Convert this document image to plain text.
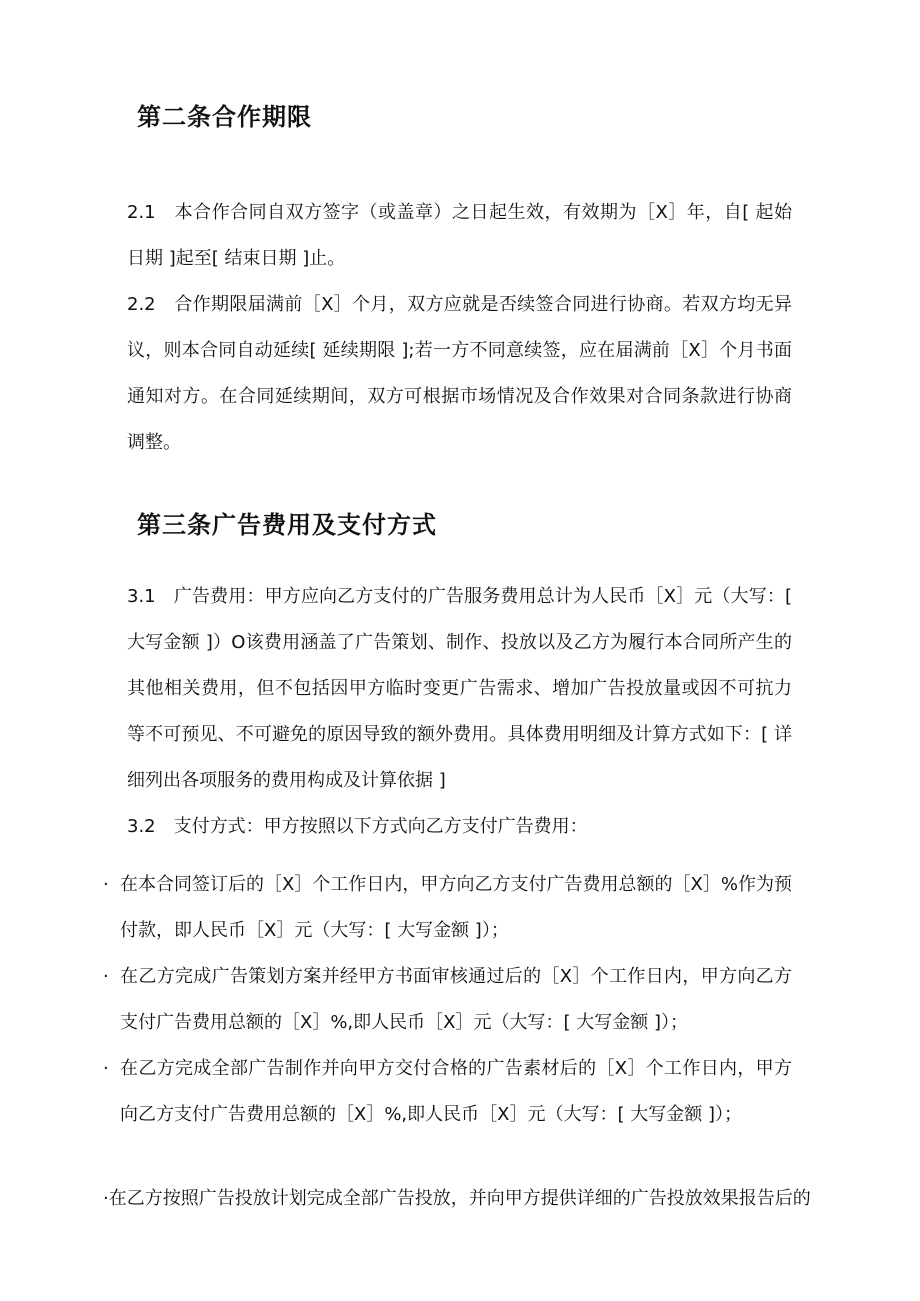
第二条合作期限

2.1　本合作合同自双方签字（或盖章）之日起生效，有效期为［X］年，自[ 起始日期 ]起至[ 结束日期 ]止。

2.2　合作期限届满前［X］个月，双方应就是否续签合同进行协商。若双方均无异议，则本合同自动延续[ 延续期限 ];若一方不同意续签，应在届满前［X］个月书面通知对方。在合同延续期间，双方可根据市场情况及合作效果对合同条款进行协商调整。

第三条广告费用及支付方式

3.1　广告费用：甲方应向乙方支付的广告服务费用总计为人民币［X］元（大写：[ 大写金额 ]）O该费用涵盖了广告策划、制作、投放以及乙方为履行本合同所产生的其他相关费用，但不包括因甲方临时变更广告需求、增加广告投放量或因不可抗力等不可预见、不可避免的原因导致的额外费用。具体费用明细及计算方式如下：[ 详细列出各项服务的费用构成及计算依据 ]

3.2　支付方式：甲方按照以下方式向乙方支付广告费用：

· 在本合同签订后的［X］个工作日内，甲方向乙方支付广告费用总额的［X］%作为预付款，即人民币［X］元（大写：[ 大写金额 ]）；
· 在乙方完成广告策划方案并经甲方书面审核通过后的［X］个工作日内，甲方向乙方支付广告费用总额的［X］%,即人民币［X］元（大写：[ 大写金额 ]）；
· 在乙方完成全部广告制作并向甲方交付合格的广告素材后的［X］个工作日内，甲方向乙方支付广告费用总额的［X］%,即人民币［X］元（大写：[ 大写金额 ]）；

·在乙方按照广告投放计划完成全部广告投放，并向甲方提供详细的广告投放效果报告后的
